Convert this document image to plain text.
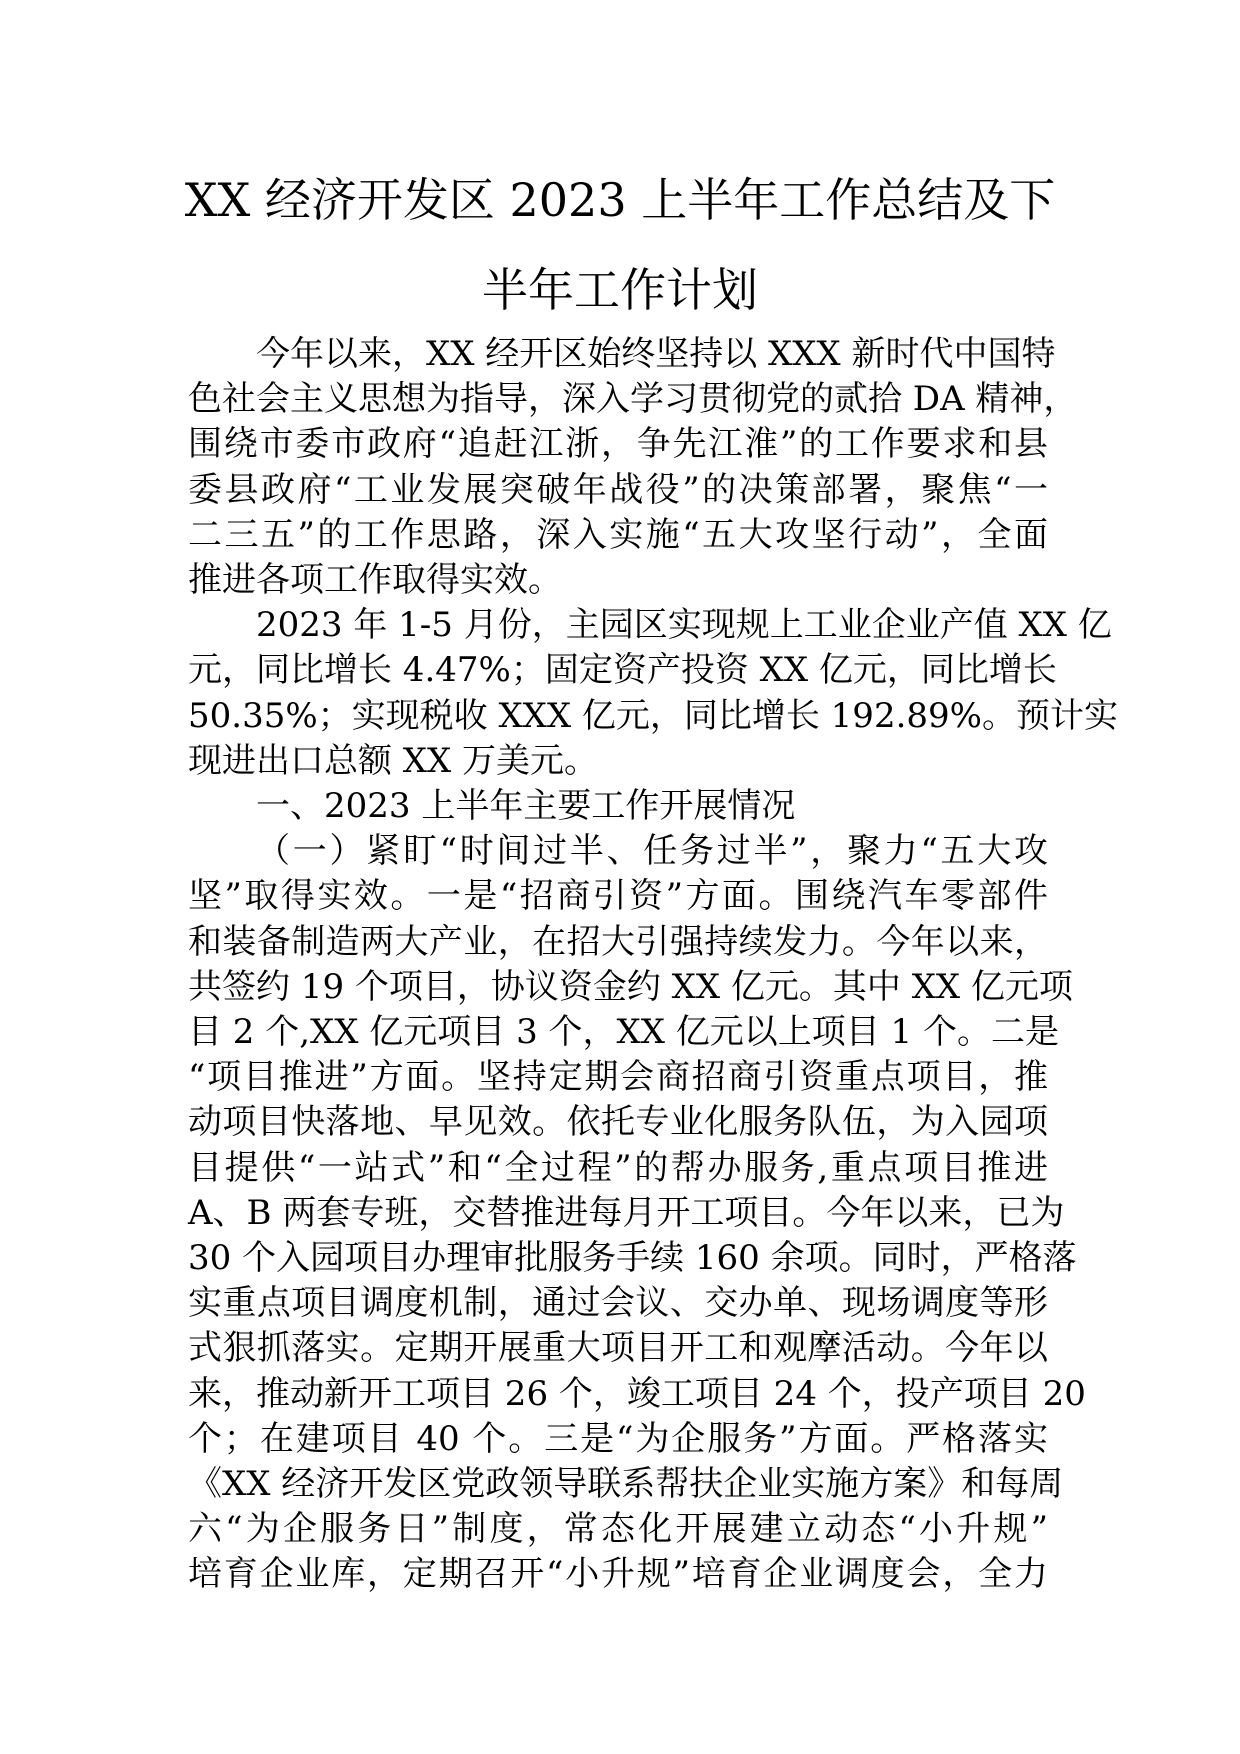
XX 经济开发区 2023 上半年工作总结及下
半年工作计划

今年以来，XX 经开区始终坚持以 XXX 新时代中国特
色社会主义思想为指导，深入学习贯彻党的贰拾 DA 精神，
围绕市委市政府“追赶江浙，争先江淮”的工作要求和县
委县政府“工业发展突破年战役”的决策部署，聚焦“一
二三五”的工作思路，深入实施“五大攻坚行动”，全面
推进各项工作取得实效。

2023 年 1-5 月份，主园区实现规上工业企业产值 XX 亿
元，同比增长 4.47%；固定资产投资 XX 亿元，同比增长
50.35%；实现税收 XXX 亿元，同比增长 192.89%。预计实
现进出口总额 XX 万美元。

一、2023 上半年主要工作开展情况

（一）紧盯“时间过半、任务过半”，聚力“五大攻
坚”取得实效。一是“招商引资”方面。围绕汽车零部件
和装备制造两大产业，在招大引强持续发力。今年以来，
共签约 19 个项目，协议资金约 XX 亿元。其中 XX 亿元项
目 2 个,XX 亿元项目 3 个，XX 亿元以上项目 1 个。二是
“项目推进”方面。坚持定期会商招商引资重点项目，推
动项目快落地、早见效。依托专业化服务队伍，为入园项
目提供“一站式”和“全过程”的帮办服务,重点项目推进
A、B 两套专班，交替推进每月开工项目。今年以来，已为
30 个入园项目办理审批服务手续 160 余项。同时，严格落
实重点项目调度机制，通过会议、交办单、现场调度等形
式狠抓落实。定期开展重大项目开工和观摩活动。今年以
来，推动新开工项目 26 个，竣工项目 24 个，投产项目 20
个；在建项目 40 个。三是“为企服务”方面。严格落实
《XX 经济开发区党政领导联系帮扶企业实施方案》和每周
六“为企服务日”制度，常态化开展建立动态“小升规”
培育企业库，定期召开“小升规”培育企业调度会，全力
